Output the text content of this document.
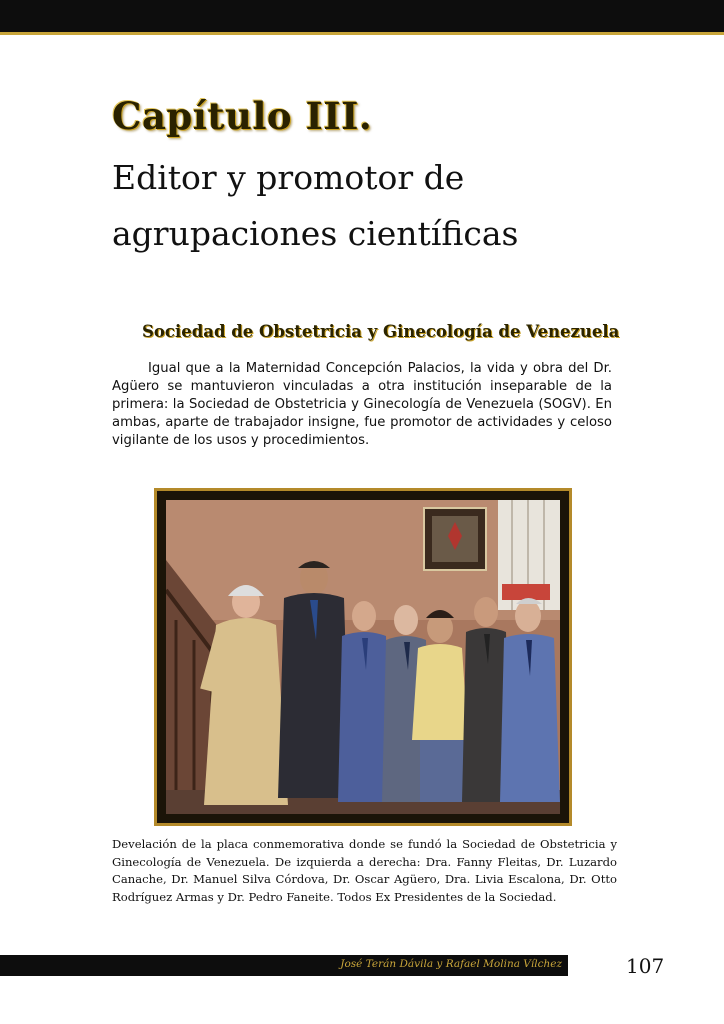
Capítulo III.
Editor y promotor de
agrupaciones científicas
Sociedad de Obstetricia y Ginecología de Venezuela

Igual que a la Maternidad Concepción Palacios, la vida y obra del Dr. Agüero se mantuvieron vinculadas a otra institución inseparable de la primera: la Sociedad de Obstetricia y Ginecología de Venezuela (SOGV). En ambas, aparte de trabajador insigne, fue promotor de actividades y celoso vigilante de los usos y procedimientos.

Develación de la placa conmemorativa donde se fundó la Sociedad de Obstetricia y Ginecología de Venezuela. De izquierda a derecha: Dra. Fanny Fleitas, Dr. Luzardo Canache, Dr. Manuel Silva Córdova, Dr. Oscar Agüero, Dra. Livia Escalona, Dr. Otto Rodríguez Armas y Dr. Pedro Faneite. Todos Ex Presidentes de la Sociedad.

José Terán Dávila y Rafael Molina Vílchez	107
